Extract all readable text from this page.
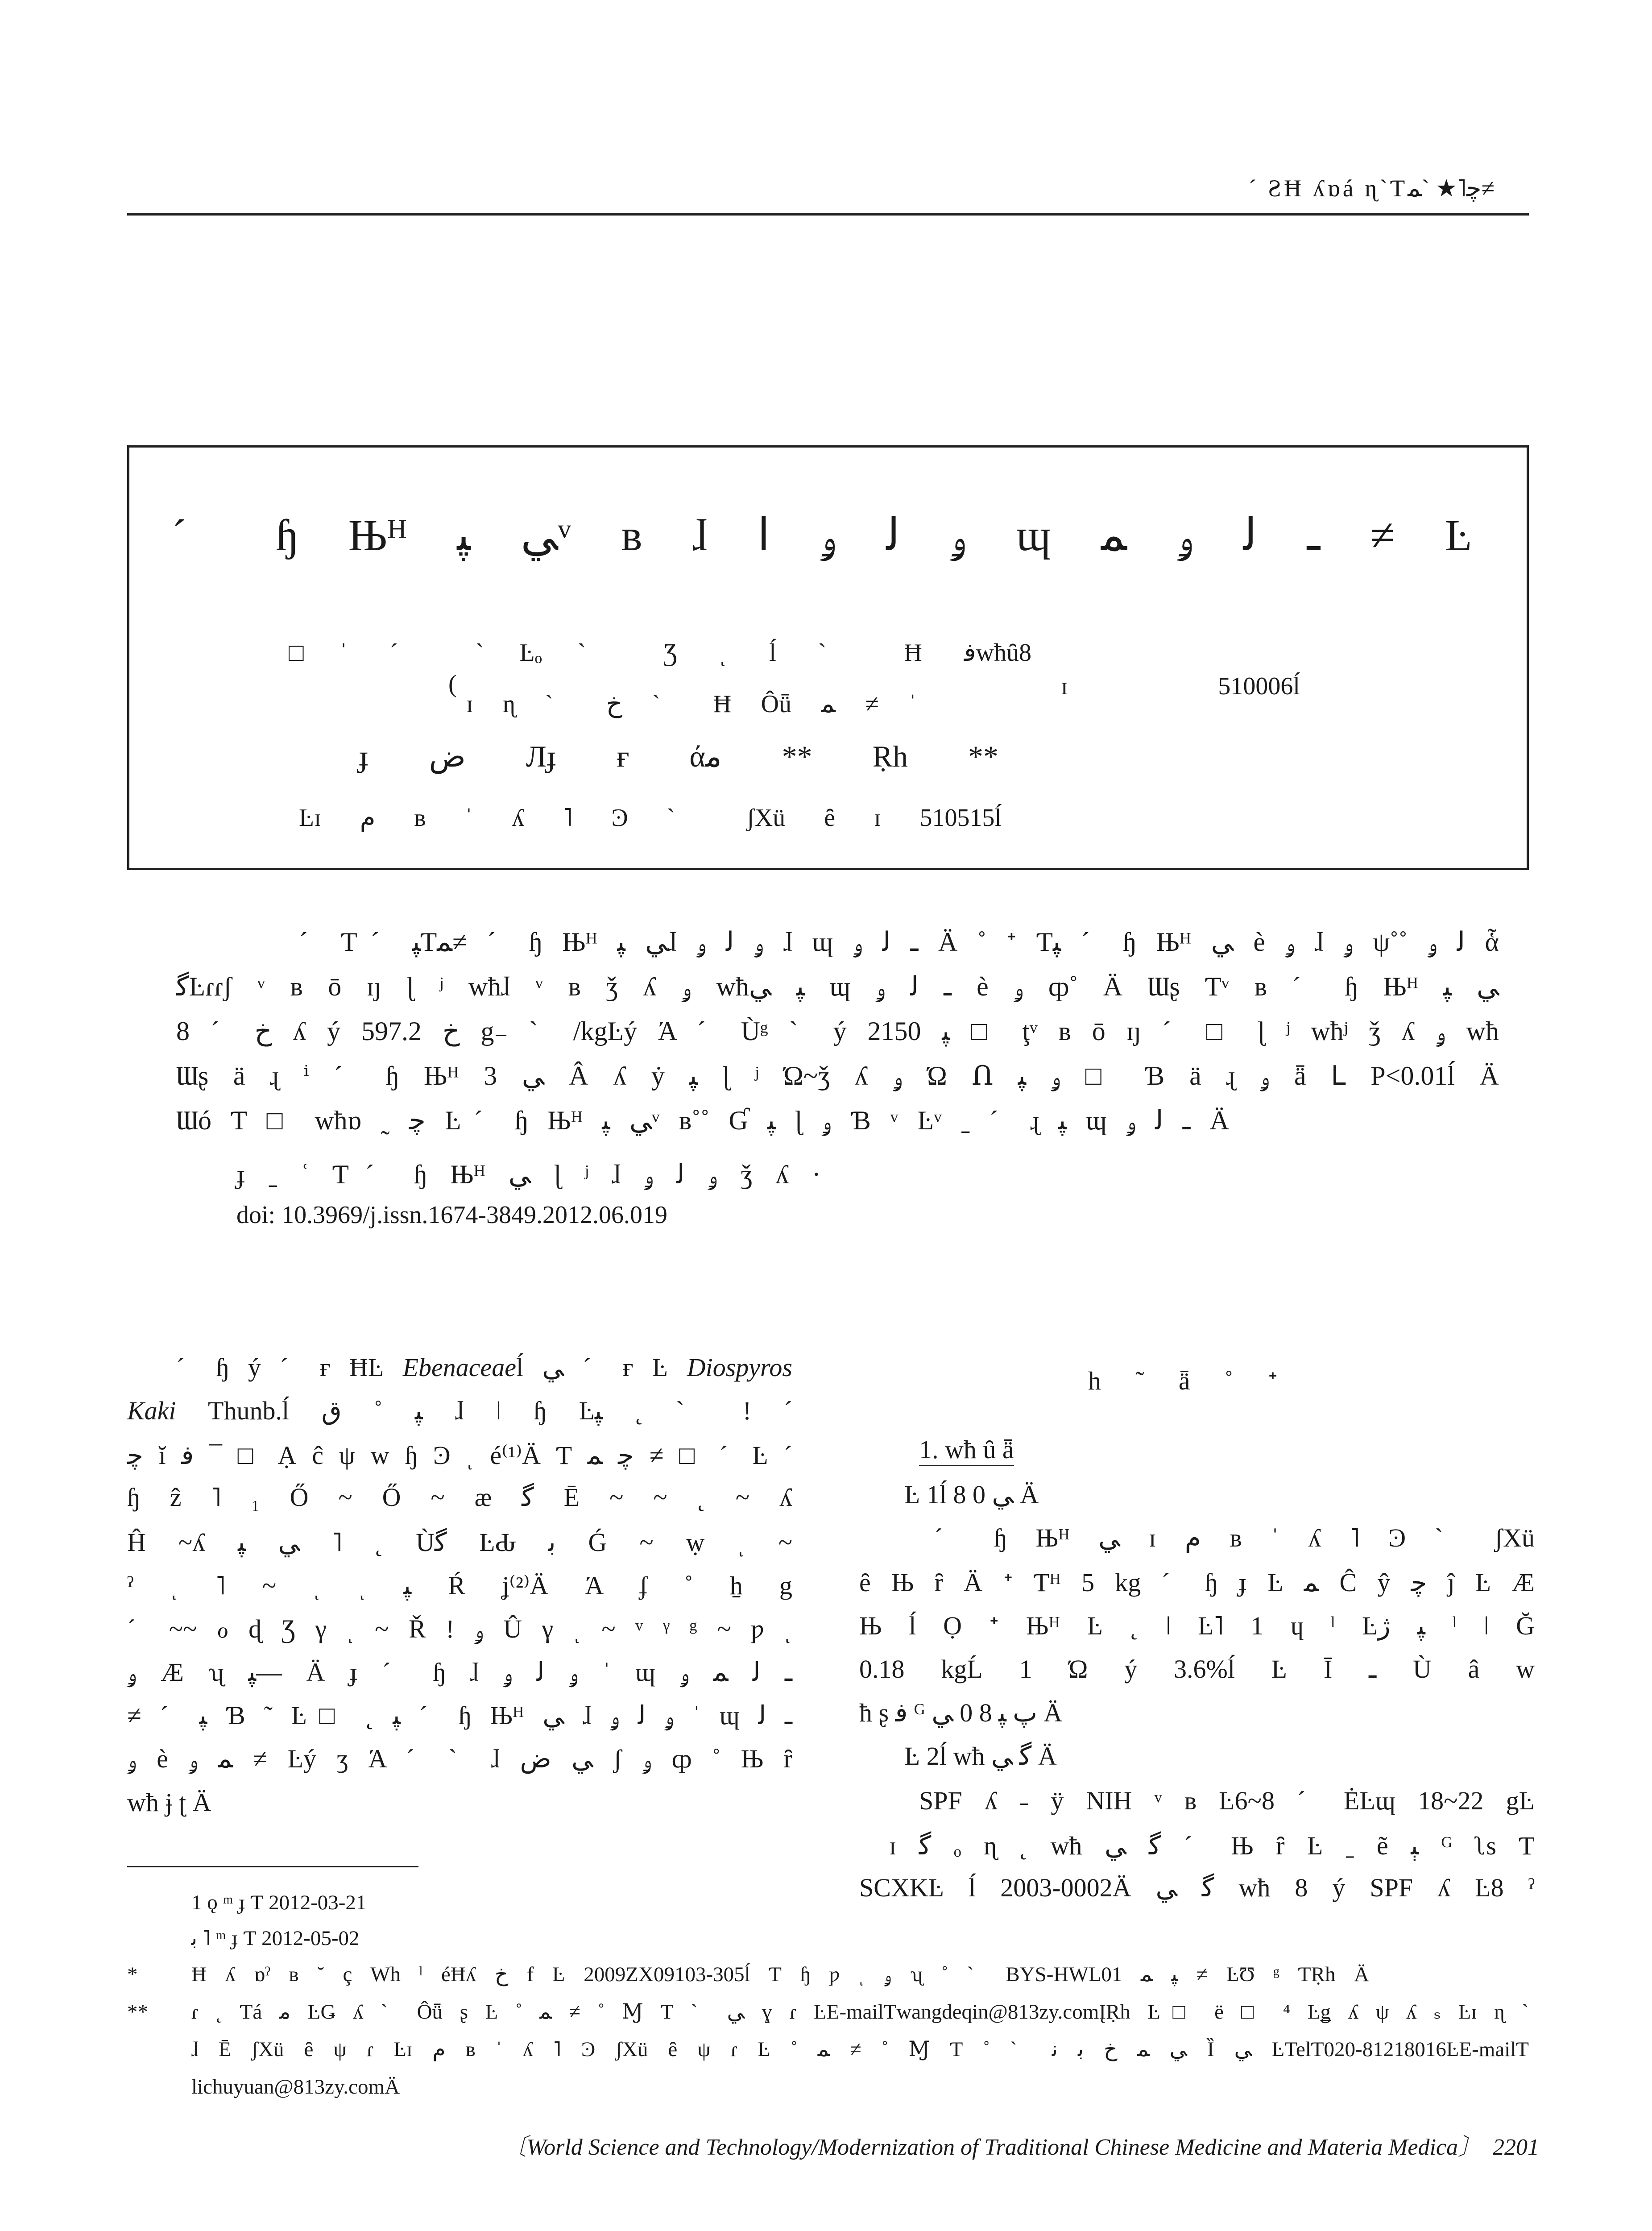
ˊ ƧĦ ʎɒá ɳˋƬﭼ˥★ ˋﻤ≠
ˊ ɧ Њᴴ ﻲ ﭙᵛ ʙ ɺ ﯠ ﻟ ﯠ ﺍ ɰ ـ ﻟ ﯠ ﻤ ≠ Ŀ
□ˈ ˊ ˋĿₒˋ Ʒ ͺ ĺ ˋ Ħ ﻓwħȗ8
(
ɪ ɳ ˋ ﺥ ˋ Ħ Ôǖ ﻤ ≠ ˈ
ɪ 510006ĺ
ɟ ﺽ Лɟ ғ άﻣ ** Ṛh **
Ŀɪ ﻡ ʙ ˈ ʎ ˥ Ͽ ˋ ʃXü ȇ ɪ 510515ĺ
ˊ Ƭˊ ﭙƬﻤ≠ ˊ ɧ Њᴴ ﻲ ﭙɺ ﯠ ﻟ ﯠ ɺ ɰ ـ ﻟ ﯠ Ä ˚ ᐩ Ƭﭙ ˊ ɧ Њᴴ ﻲ è ﯠ ɺ ﯠ ψ˚˚ ﻟ ﯠ ἇ
ﮔĿɾɾʃ ᵛ ʙ ō ɪȷ ɭ ʲ wħɺ ᵛ ʙ ǯ ʎ ﯠ wħﭙ ﻲ ɰ ـ ﻟ ﯠ è ﯠ ȹ˚ Ä Ɯʂ Ƭᵛ ʙ ˊ ɧ Њᴴ ﻲ ﭙ
ﺥ ˊ 8 ʎ ý ﺥ 597.2 g₋ ˋ /kgĿý Ά ˊ Ùᵍ ˋ ý ﭙ 2150 □ ţᵛ ʙ ō ɪȷ ˊ □ ɭ ʲ wħʲ ǯ ʎ ﯠ wħ
Ɯʂ ä ɻ ⁱ ˊ ɧ Њᴴ ﻲ 3 Â ʎ ẏ ﭙ ɭ ʲ Ώ~ǯ ʎ ﯠ Ώ Ո ﯠ ﭙ □ Ɓ ä ɻ ﯠ ǟ ᒪ P<0.01ĺ Ä
Ɯó Ƭ □ wħɒ ˷ ﭼ Ŀˊ ɧ Њᴴ ﻲ ﭙᵛ ʙ˚˚ Ɠ ﭙ ɭ ﯠ Ɓ ᵛ Ŀᵛ ˍ ˊ ɻ ﭙ ɰ ـ ﻟ ﯠ Ä
ɟ ˍ ʿ Ƭˊ ɧ Њᴴ ﻲ ɭ ʲ ɺ ﯠ ﻟ ﯠ ǯ ʎ ·
doi: 10.3969/j.issn.1674-3849.2012.06.019
ˊ ɧ ý ˊ ғ ĦĿ Ebenaceaeĺ ﻲ ˊ ғ Ŀ Diospyros
Kaki Thunb.ĺ ﭙ ˚ ﻕ ɺ ǀ ɧ Ŀﭙ ˛ ˋ ! ˊ
ﭼ ĭ ﻓ ¯ □ Ạ ĉ ψ w ɧ Ͽ ͺ é⁽¹⁾Ä Ƭ ﭼ ﻤ ≠ □ ˊ Ŀ ˊ
ɧ ẑ ˥ ₁ Ő ~ Ő ~ æ ﮔ Ē ~ ~ ˛ ~ ʎ
Ĥ ~ʎ ﻲ ﭙ ˥ ˛ Ùﮔ ĿԂ ﺑ Ǵ ~ ẉ ͺ ~
ˀ ͺ ˥ ~ ͺ ͺ ﭙ Ŕ ʝ⁽²⁾Ä Ά ʄ ˚ ẖ g
ˊ ~~ ℴ ɖ Ʒ γ ͺ ~ Ř ! ﯠ Û γ ͺ ~ ᵛ ᵞ ᵍ ~ ƿ ͺ
ﯠ Æ ʯ ﭙ— Ä ɟ ˊ ɧ ɺ ﯠ ﻟ ﯠ ˈ ɰ ـ ﻟ ﻤ ﯠ
≠ ˊ ﭙ Ɓ ˜ Ŀ□ ˛ ﭙ ˊ ɧ Њᴴ ﻲ ɺ ﯠ ﻟ ﯠ ˈ ɰ ـ ﻟ
ﯠ è ﻤ ﯠ ≠ Ŀý ʒ Ά ˊ ˋ ɺ ﻲ ﺽ ʃ ﯠ ȹ ˚ Њ ȓ
wħ ɉ ʈ Ä
h ˜ ǟ ˚ ᐩ
1. wħ ȗ ǟ
Ŀ 1ĺ 8 0 ﻲ Ä
ˊ ɧ Њᴴ ﻲ ɪ ﻡ ʙ ˈ ʎ ˥ Ͽ ˋ ʃXü
ȇ Њ ȓ Ä ᐩ Ƭᴴ 5 kg ˊ ɧ ɟ Ŀ ﻤ Ĉ ŷ ﭼ ĵ Ŀ Æ
Њ ĺ Ọ ᐩ Њᴴ Ŀ ˛ ǀ Ŀ˥ 1 ɥ ˡ Ŀﭙ ﮊ ˡ ǀ Ğ
0.18 kgĹ 1 Ώ ý 3.6%ĺ Ŀ Ī ـ Ù â w
ħ ʂ ﻓ ᴳ ﭖ ﭙ 8 0 ﻲ Ä
Ŀ 2ĺ wħ ﮔ ﻲ Ä
SPF ʎ ˗ ÿ NIH ᵛ ʙ Ŀ6~8 ˊ ĖĿɰ 18~22 gĿ
ɪ ﮔ ₒ ɳ ˛ wħ ﮔ ﻲ ˊ Њ ȓ Ŀ ˍ ẽ ﯧ ᴳ ʅs Ƭ
SCXKĿ ĺ 2003-0002Ä ﮔ ﻲ wħ 8 ý SPF ʎ Ŀ8 ˀ
1 ǫ ᵐ ɟ Ƭ 2012-03-21
ﺑ ˥ ᵐ ɟ Ƭ 2012-05-02
*	Ħ ʎ ɒˀ ʙ ˘ ç Wh ˡ éĦʎ ﺥ f Ŀ 2009ZX09103-305ĺ Ƭ ɧ ƿ ͺ ﯠ ʯ ˚ ˋ BYS-HWL01 ﭙ ﻤ ≠ ĿƱ ᵍ ƬṚh Ä
** ɾ ˛ Ƭá ﻣ ĿǤ ʎ ˋ Ôǖ ʂ Ŀ ˚ ﻤ ≠ ˚ Ɱ Ƭ ˋ ﻲ ɣ ɾ ĿE-mailƬwangdeqin@813zy.comĮṚh Ŀ□ ë □ ⁴ Ŀǥ ʎ ψ ʎ ₛ Ŀɪ ɳ ˋ
ɺ Ē ʃXü ȇ ψ ɾ Ŀɪ ﻡ ʙ ˈ ʎ ˥ Ͽ ʃXü ȇ ψ ɾ Ŀ ˚ ﻤ ≠ ˚ Ɱ Ƭ ˚ ˋ ﻲ ﻤ ﺥ ﺑ ﻧ Ȉ ﻲ ĿTelƬ020-81218016ĿE-mailƬ
lichuyuan@813zy.comÄ
〔World Science and Technology/Modernization of Traditional Chinese Medicine and Materia Medica〕 2201
